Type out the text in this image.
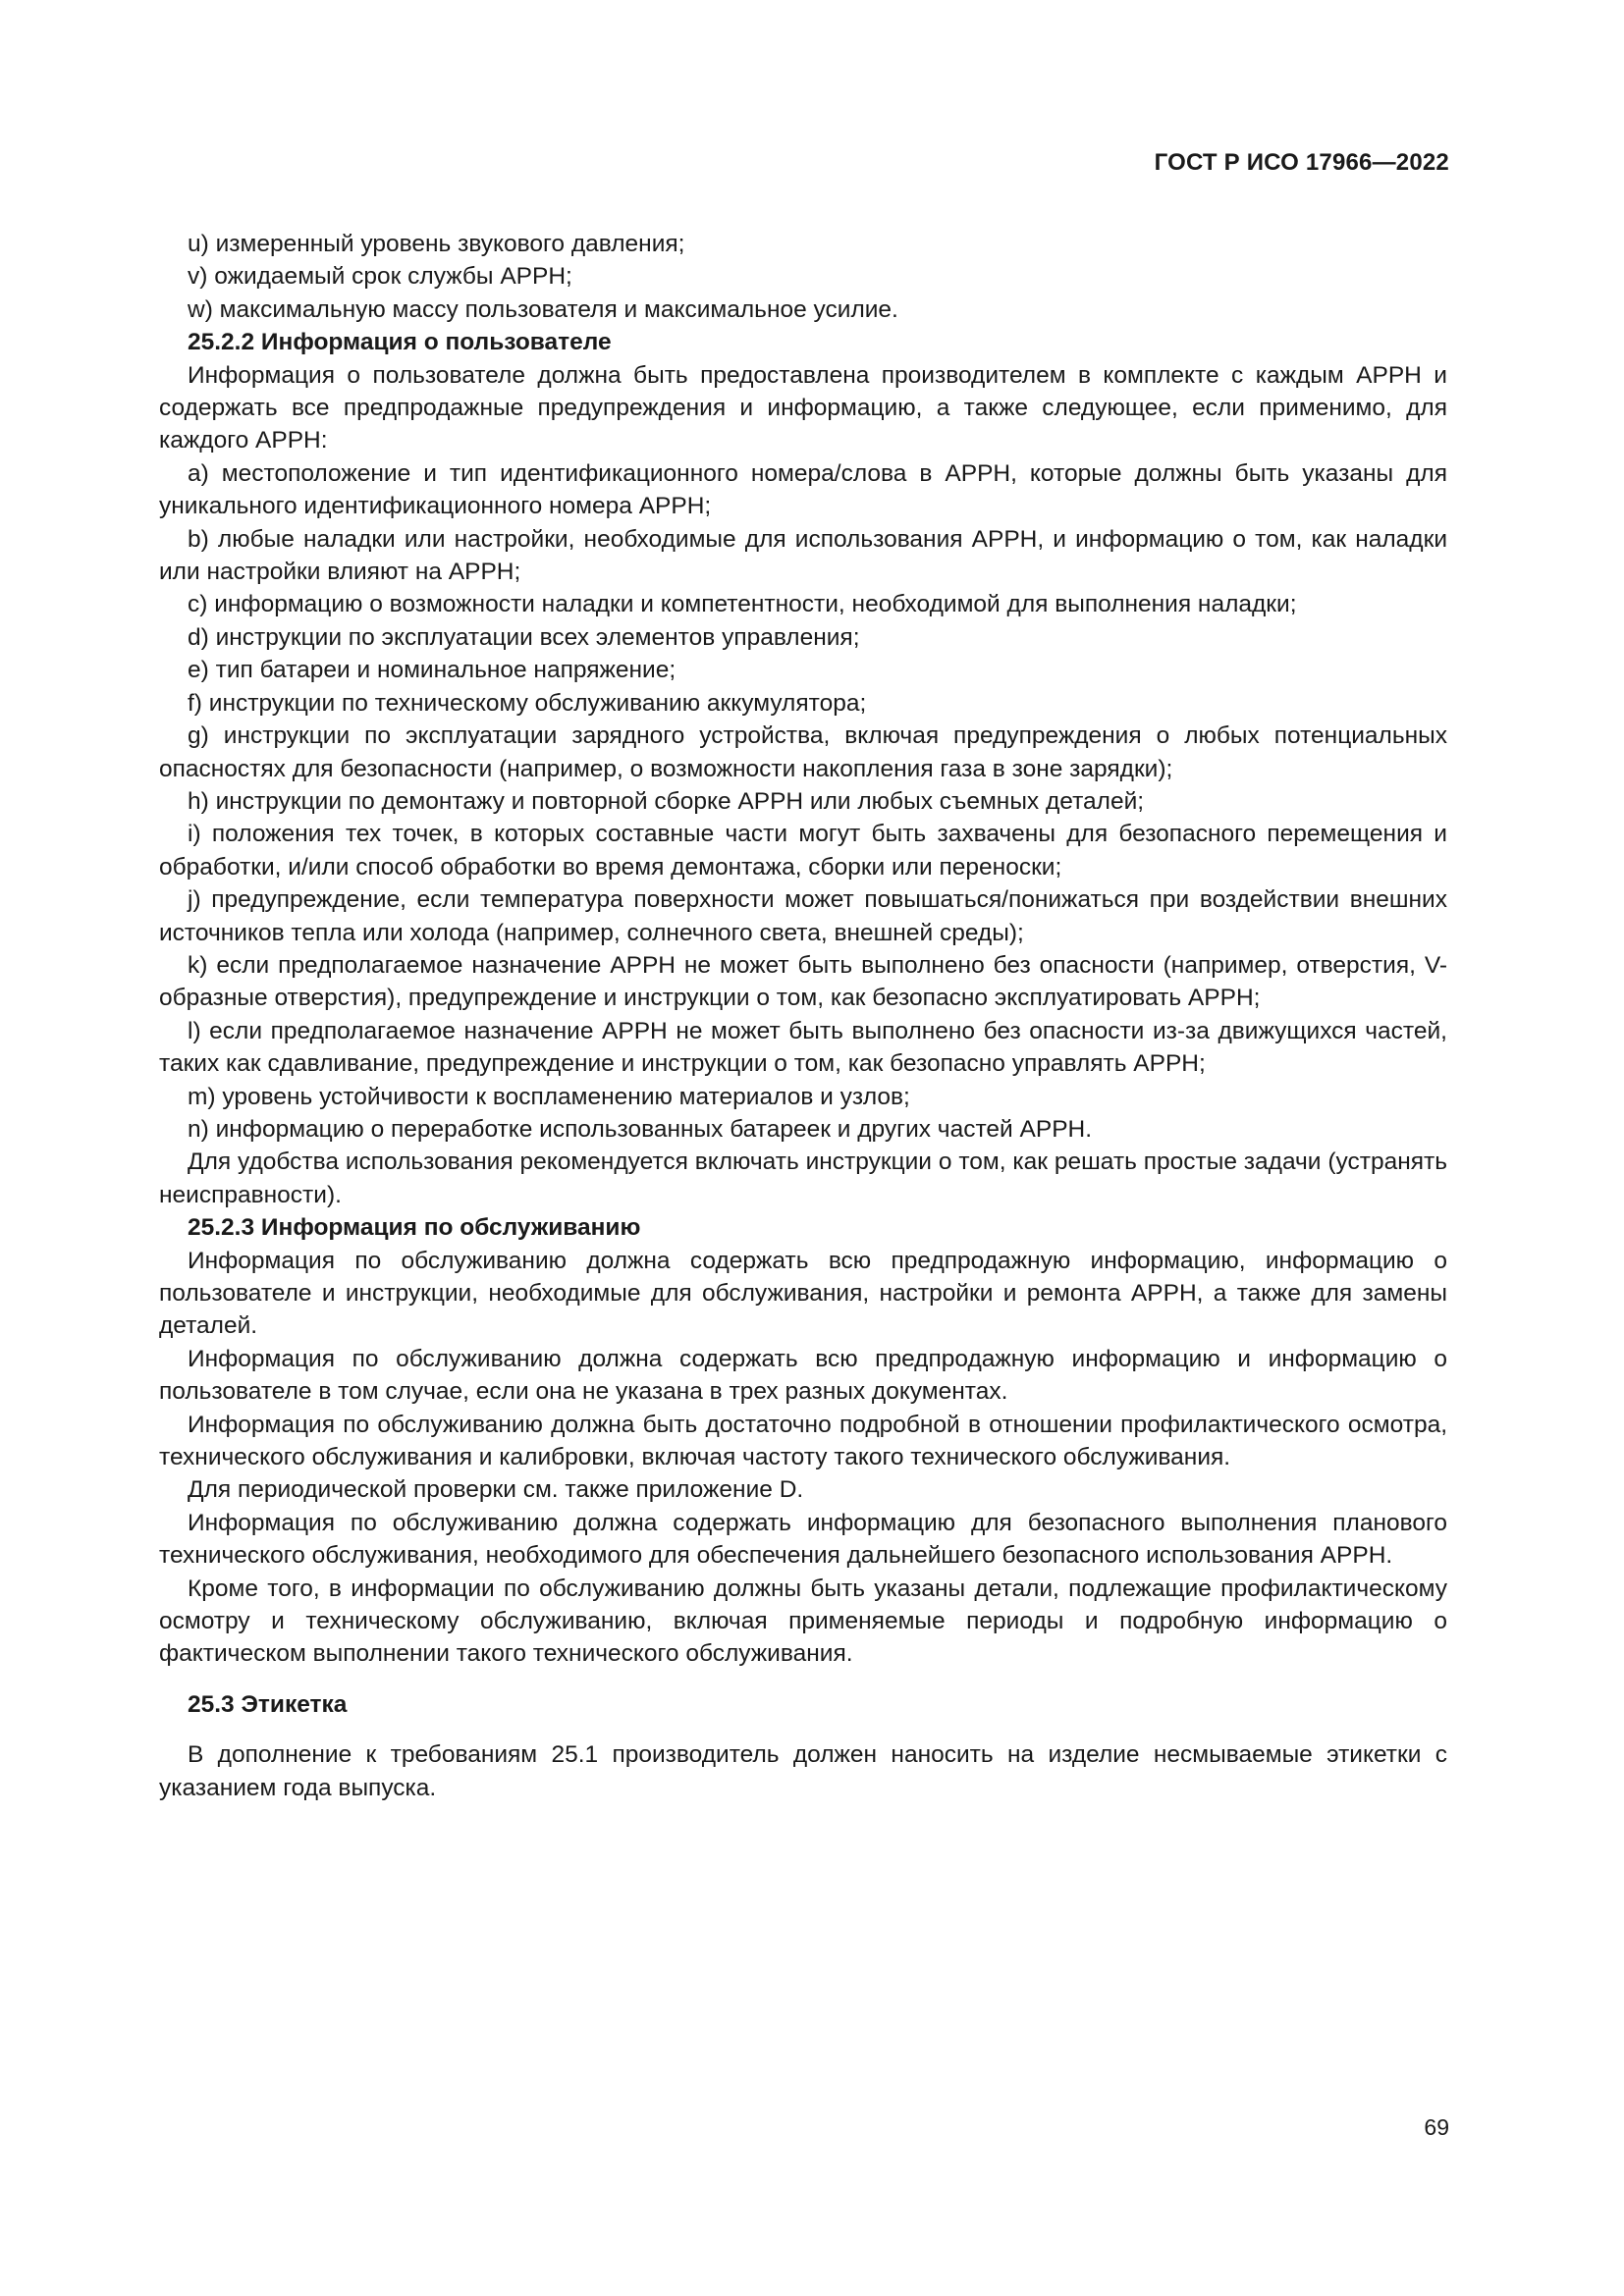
ГОСТ Р ИСО 17966—2022

u) измеренный уровень звукового давления;

v) ожидаемый срок службы АРРН;

w) максимальную массу пользователя и максимальное усилие.

25.2.2 Информация о пользователе

Информация о пользователе должна быть предоставлена производителем в комплекте с каждым АРРН и содержать все предпродажные предупреждения и информацию, а также следующее, если применимо, для каждого АРРН:

a) местоположение и тип идентификационного номера/слова в АРРН, которые должны быть указаны для уникального идентификационного номера АРРН;

b) любые наладки или настройки, необходимые для использования АРРН, и информацию о том, как наладки или настройки влияют на АРРН;

c) информацию о возможности наладки и компетентности, необходимой для выполнения наладки;

d) инструкции по эксплуатации всех элементов управления;

e) тип батареи и номинальное напряжение;

f) инструкции по техническому обслуживанию аккумулятора;

g) инструкции по эксплуатации зарядного устройства, включая предупреждения о любых потенциальных опасностях для безопасности (например, о возможности накопления газа в зоне зарядки);

h) инструкции по демонтажу и повторной сборке АРРН или любых съемных деталей;

i) положения тех точек, в которых составные части могут быть захвачены для безопасного перемещения и обработки, и/или способ обработки во время демонтажа, сборки или переноски;

j) предупреждение, если температура поверхности может повышаться/понижаться при воздействии внешних источников тепла или холода (например, солнечного света, внешней среды);

k) если предполагаемое назначение АРРН не может быть выполнено без опасности (например, отверстия, V-образные отверстия), предупреждение и инструкции о том, как безопасно эксплуатировать АРРН;

l) если предполагаемое назначение АРРН не может быть выполнено без опасности из-за движущихся частей, таких как сдавливание, предупреждение и инструкции о том, как безопасно управлять АРРН;

m) уровень устойчивости к воспламенению материалов и узлов;

n) информацию о переработке использованных батареек и других частей АРРН.

Для удобства использования рекомендуется включать инструкции о том, как решать простые задачи (устранять неисправности).

25.2.3 Информация по обслуживанию

Информация по обслуживанию должна содержать всю предпродажную информацию, информацию о пользователе и инструкции, необходимые для обслуживания, настройки и ремонта АРРН, а также для замены деталей.

Информация по обслуживанию должна содержать всю предпродажную информацию и информацию о пользователе в том случае, если она не указана в трех разных документах.

Информация по обслуживанию должна быть достаточно подробной в отношении профилактического осмотра, технического обслуживания и калибровки, включая частоту такого технического обслуживания.

Для периодической проверки см. также приложение D.

Информация по обслуживанию должна содержать информацию для безопасного выполнения планового технического обслуживания, необходимого для обеспечения дальнейшего безопасного использования АРРН.

Кроме того, в информации по обслуживанию должны быть указаны детали, подлежащие профилактическому осмотру и техническому обслуживанию, включая применяемые периоды и подробную информацию о фактическом выполнении такого технического обслуживания.

25.3 Этикетка

В дополнение к требованиям 25.1 производитель должен наносить на изделие несмываемые этикетки с указанием года выпуска.

69
